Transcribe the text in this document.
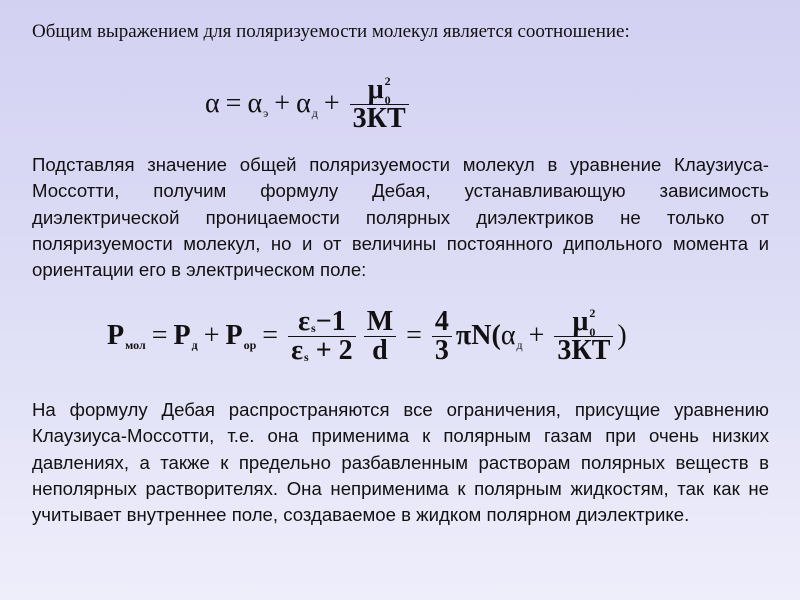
Общим выражением для поляризуемости молекул является соотношение:
α = α э + α д + μ 2
0
3КТ
Подставляя значение общей поляризуемости молекул в уравнение Клаузиуса-Моссотти, получим формулу Дебая, устанавливающую зависимость диэлектрической проницаемости полярных диэлектриков не только от поляризуемости молекул, но и от величины постоянного дипольного момента и ориентации его в электрическом поле:
P мол = P д + P ор = ε s −1
ε s
+ $2 \frac{M}{d} = \frac{4}{3} \pi N$( α д + μ 2
0
3КТ )
На формулу Дебая распространяются все ограничения, присущие уравнению Клаузиуса-Моссотти, т.е. она применима к полярным газам при очень низких давлениях, а также к предельно разбавленным растворам полярных веществ в неполярных растворителях. Она неприменима к полярным жидкостям, так как не учитывает внутреннее поле, создаваемое в жидком полярном диэлектрике.
